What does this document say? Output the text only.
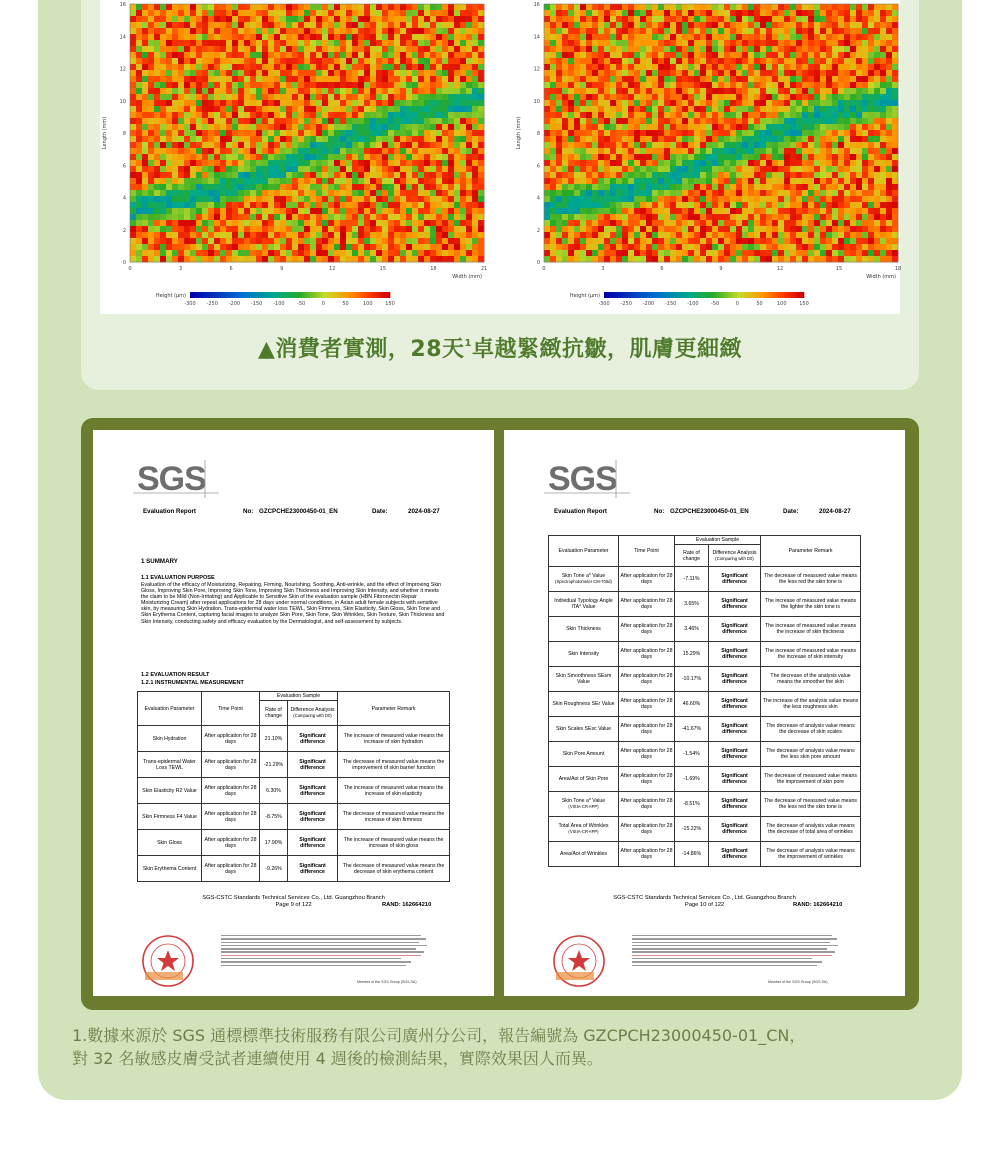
16
14
12
10
8
6
4
2
0
0	3	6	9	12	15	18	21
Length (mm)
Width (mm)
Height (µm)
-300 -250 -200 -150 -100 -50	0	50	100	150
16
14
12
10
8
6
4
2
0
0	3	6	9	12	15	18
Length (mm)
Width (mm)
Height (µm)
-300 -250 -200 -150 -100 -50	0	50	100	150
▲消費者實測，28天$^1$卓越緊緻抗皺，肌膚更細緻
SGS
Evaluation Report	No: GZCPCHE23000450-01_EN	Date:	2024-08-27
1 SUMMARY
1.1 EVALUATION PURPOSE
Evaluation of the efficacy of Moisturizing, Repairing, Firming, Nourishing, Soothing, Anti-wrinkle, and the effect of Improving Skin Gloss, Improving Skin Pore, Improving Skin Tone, Improving Skin Thickness and Improving Skin Intensity, and whether it meets the claim to be Mild (Non-Irritating) and Applicable to Sensitive Skin of the evaluation sample (HBN Fibronectin Repair Moisturizing Cream) after repeat applications for 28 days under normal conditions, in Asian adult female subjects with sensitive skin, by measuring Skin Hydration, Trans-epidermal water loss TEWL, Skin Firmness, Skin Elasticity, Skin Gloss, Skin Tone and Skin Erythema Content, capturing facial images to analyze Skin Pore, Skin Tone, Skin Wrinkles, Skin Texture, Skin Thickness and Skin Intensity, conducting safety and efficacy evaluation by the Dermatologist, and self-assessment by subjects.
1.2 EVALUATION RESULT
1.2.1 INSTRUMENTAL MEASUREMENT
Evaluation Parameter	Time Point	Evaluation Sample		Parameter Remark
		Rate of change	Difference Analysis
(Comparing with D0)	
Skin Hydration	After application for 28 days	21.10%	Significant difference	The increase of measured value means the increase of skin hydration
Trans-epidermal Water Loss TEWL	After application for 28 days	-21.29%	Significant difference	The decrease of measured value means the improvement of skin barrier function
Skin Elasticity R2 Value	After application for 28 days	6.30%	Significant difference	The increase of measured value means the increase of skin elasticity
Skin Firmness F4 Value	After application for 28 days	-8.75%	Significant difference	The decrease of measured value means the increase of skin firmness
Skin Gloss	After application for 28 days	17.90%	Significant difference	The increase of measured value means the increase of skin gloss
Skin Erythema Content	After application for 28 days	-9.26%	Significant difference	The decrease of measured value means the decrease of skin erythema content
SGS-CSTC Standards Technical Services Co., Ltd. Guangzhou Branch
Page 9 of 122	RAND: 162664210
Member of the SGS Group (SGS SA)
SGS
Evaluation Report	No: GZCPCHE23000450-01_EN	Date:	2024-08-27
Evaluation Parameter	Time Point	Evaluation Sample		Parameter Remark
		Rate of change	Difference Analysis
(Comparing with D0)	
Skin Tone a* Value
(Spectrophotometer CM-700d)	After application for 28 days	-7.11%	Significant difference	The decrease of measured value means the less red the skin tone is
Individual Typology Angle ITA° Value	After application for 28 days	3.65%	Significant difference	The increase of measured value means the lighter the skin tone is
Skin Thickness	After application for 28 days	3.46%	Significant difference	The increase of measured value means the increase of skin thickness
Skin Intensity	After application for 28 days	15.29%	Significant difference	The increase of measured value means the increase of skin intensity
Skin Smoothness SEsm Value	After application for 28 days	-10.17%	Significant difference	The decrease of the analysis value means the smoother the skin
Skin Roughness SEr Value	After application for 28 days	46.60%	Significant difference	The increase of the analysis value means the less roughness skin
Skin Scales SEsc Value	After application for 28 days	-41.67%	Significant difference	The decrease of analysis value means the decrease of skin scales
Skin Pore Amount	After application for 28 days	-1.54%	Significant difference	The decrease of analysis value means the less skin pore amount
Area/Aoi of Skin Pore	After application for 28 days	-1.69%	Significant difference	The decrease of measured value means the improvement of skin pore
Skin Tone a* Value
(VISIA-CR+IPP)	After application for 28 days	-8.51%	Significant difference	The decrease of measured value means the less red the skin tone is
Total Area of Wrinkles
(VISIA-CR+IPP)	After application for 28 days	-15.22%	Significant difference	The decrease of analysis value means the decrease of total area of wrinkles
Area/Aoi of Wrinkles	After application for 28 days	-14.86%	Significant difference	The decrease of analysis value means the improvement of wrinkles
SGS-CSTC Standards Technical Services Co., Ltd. Guangzhou Branch
Page 10 of 122	RAND: 162664210
Member of the SGS Group (SGS SA)
1.數據來源於 SGS 通標標準技術服務有限公司廣州分公司，報告編號為 GZCPCH23000450-01_CN，
對 32 名敏感皮膚受試者連續使用 4 週後的檢測結果，實際效果因人而異。
